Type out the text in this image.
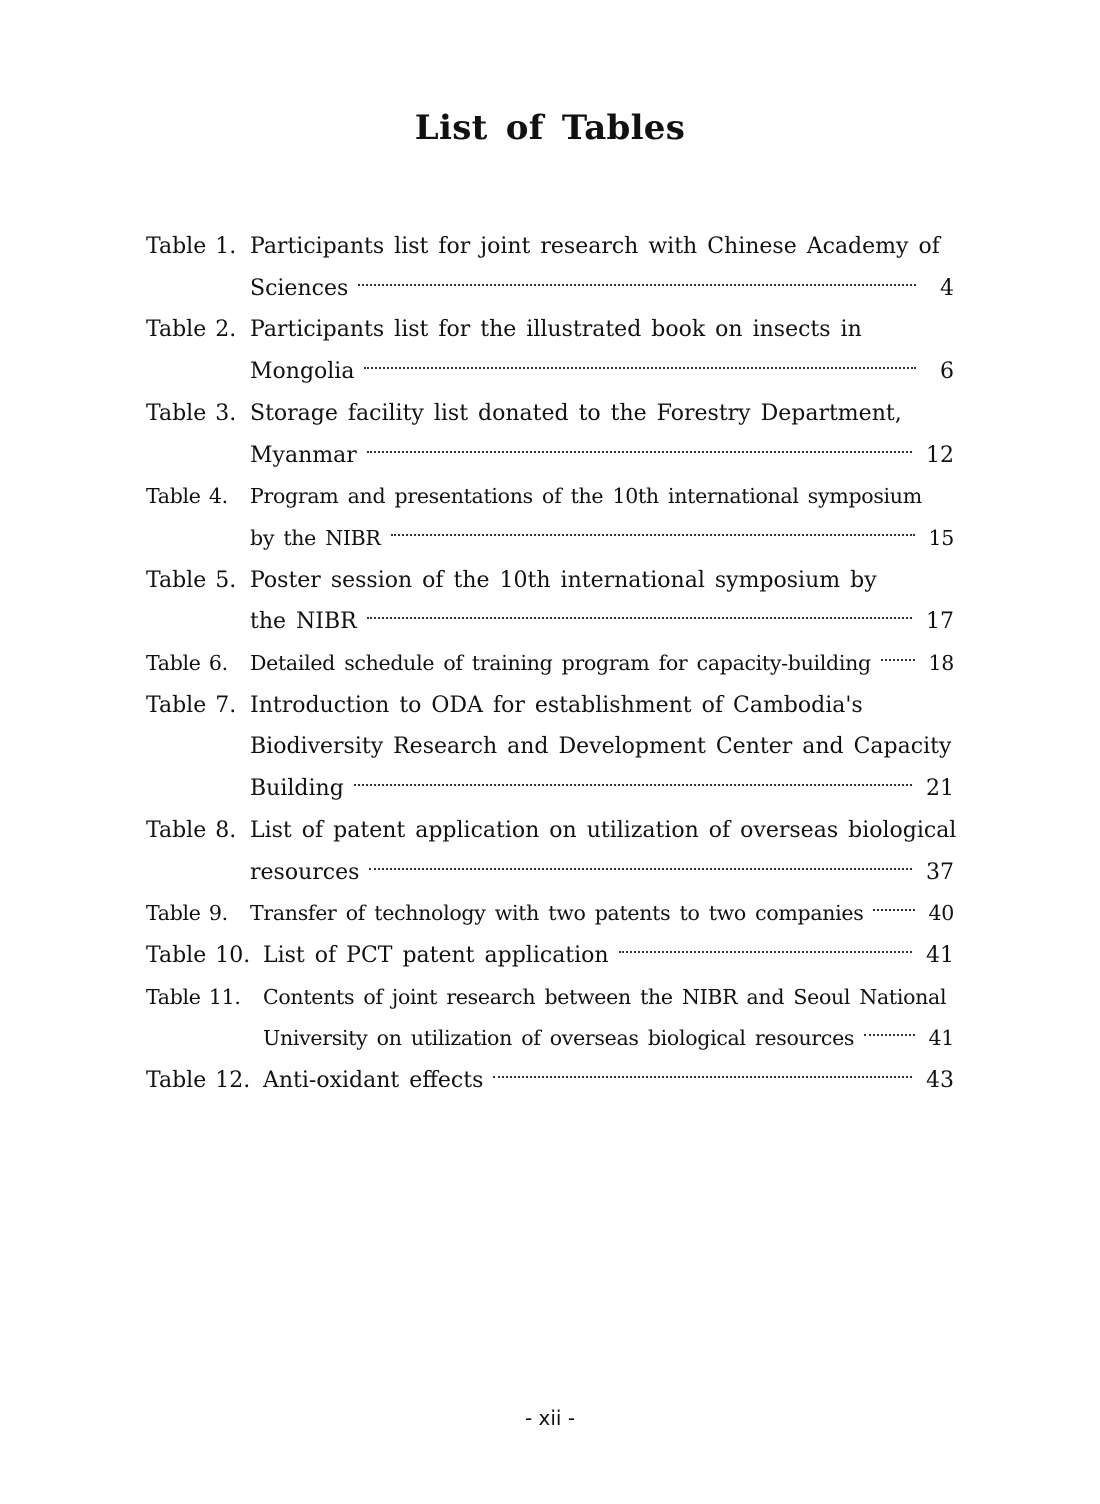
List of Tables
Table 1. Participants list for joint research with Chinese Academy of
Sciences	4
Table 2. Participants list for the illustrated book on insects in
Mongolia	6
Table 3. Storage facility list donated to the Forestry Department,
Myanmar	12
Table 4.	Program and presentations of the 10th international symposium
by the NIBR	15
Table 5. Poster session of the 10th international symposium by
the NIBR	17
Table 6.	Detailed schedule of training program for capacity-building	18
Table 7. Introduction to ODA for establishment of Cambodia's
Biodiversity Research and Development Center and Capacity
Building	21
Table 8. List of patent application on utilization of overseas biological
resources	37
Table 9.	Transfer of technology with two patents to two companies	40
Table 10. List of PCT patent application	41
Table 11.	Contents of joint research between the NIBR and Seoul National
University on utilization of overseas biological resources	41
Table 12. Anti-oxidant effects	43
- xii -
